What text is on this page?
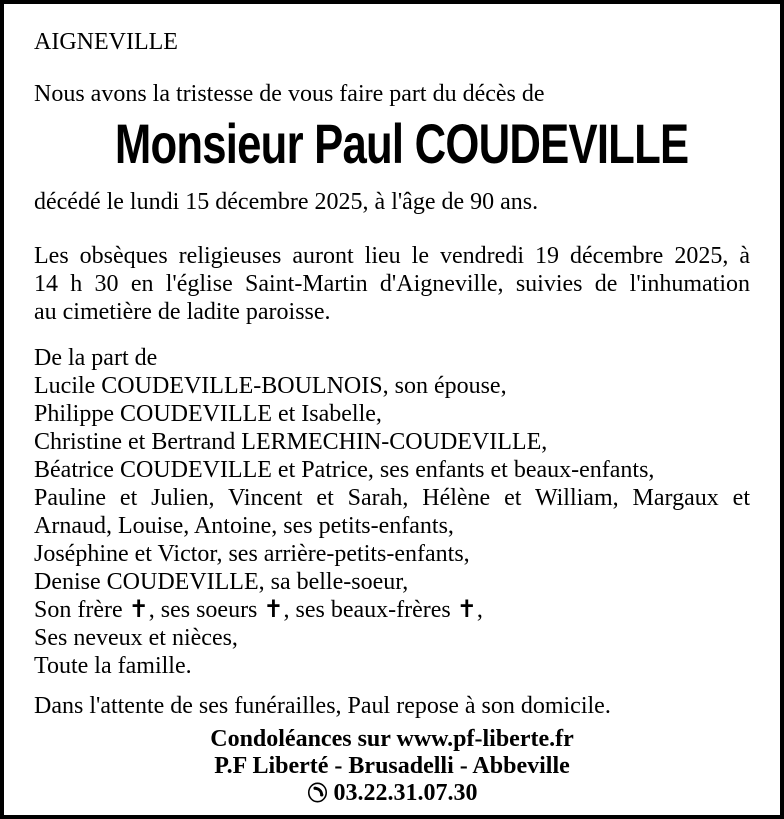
AIGNEVILLE
Nous avons la tristesse de vous faire part du décès de
Monsieur Paul COUDEVILLE
décédé le lundi 15 décembre 2025, à l'âge de 90 ans.
Les obsèques religieuses auront lieu le vendredi 19 décembre 2025, à
14 h 30 en l'église Saint-Martin d'Aigneville, suivies de l'inhumation
au cimetière de ladite paroisse.
De la part de
Lucile COUDEVILLE-BOULNOIS, son épouse,
Philippe COUDEVILLE et Isabelle,
Christine et Bertrand LERMECHIN-COUDEVILLE,
Béatrice COUDEVILLE et Patrice, ses enfants et beaux-enfants,
Pauline et Julien, Vincent et Sarah, Hélène et William, Margaux et
Arnaud, Louise, Antoine, ses petits-enfants,
Joséphine et Victor, ses arrière-petits-enfants,
Denise COUDEVILLE, sa belle-soeur,
Son frère ✝, ses soeurs ✝, ses beaux-frères ✝,
Ses neveux et nièces,
Toute la famille.
Dans l'attente de ses funérailles, Paul repose à son domicile.
Condoléances sur www.pf-liberte.fr
P.F Liberté - Brusadelli - Abbeville
03.22.31.07.30
